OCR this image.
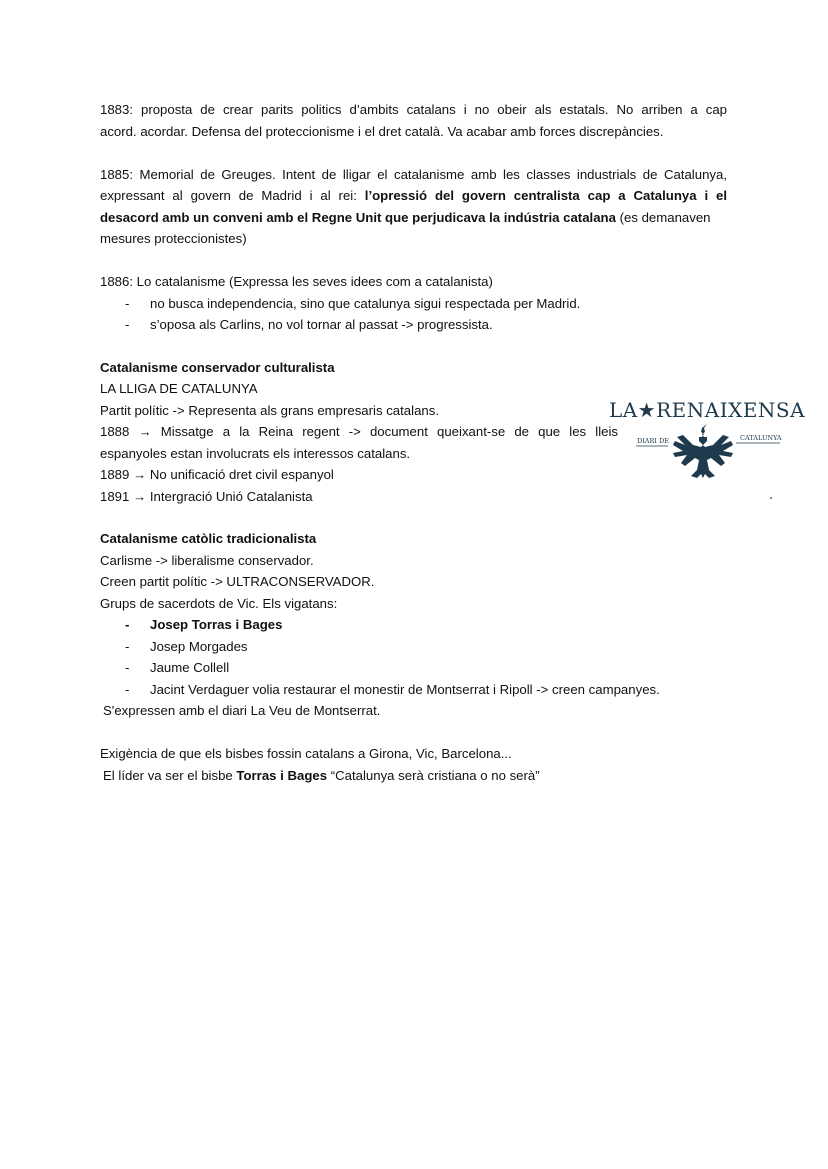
1883: proposta de crear parits politics d’ambits catalans i no obeir als estatals. No arriben a cap
acord. acordar. Defensa del proteccionisme i el dret català. Va acabar amb forces discrepàncies.
1885: Memorial de Greuges. Intent de lligar el catalanisme amb les classes industrials de Catalunya,
expressant al govern de Madrid i al rei: l’opressió del govern centralista cap a Catalunya i el
desacord amb un conveni amb el Regne Unit que perjudicava la indústria catalana (es demanaven
mesures proteccionistes)
1886: Lo catalanisme (Expressa les seves idees com a catalanista)
- no busca independencia, sino que catalunya sigui respectada per Madrid.
- s’oposa als Carlins, no vol tornar al passat -> progressista.
Catalanisme conservador culturalista
LA LLIGA DE CATALUNYA
Partit polític -> Representa als grans empresaris catalans.
1888 → Missatge a la Reina regent -> document queixant-se de que les lleis
espanyoles estan involucrats els interessos catalans.
1889 → No unificació dret civil espanyol
1891 → Intergració Unió Catalanista
LA★RENAIXENSA
DIARI DE	CATALUNYA
Catalanisme catòlic tradicionalista
Carlisme -> liberalisme conservador.
Creen partit polític -> ULTRACONSERVADOR.
Grups de sacerdots de Vic. Els vigatans:
- Josep Torras i Bages
- Josep Morgades
- Jaume Collell
- Jacint Verdaguer volia restaurar el monestir de Montserrat i Ripoll -> creen campanyes.
S'expressen amb el diari La Veu de Montserrat.
Exigència de que els bisbes fossin catalans a Girona, Vic, Barcelona...
El líder va ser el bisbe Torras i Bages “Catalunya serà cristiana o no serà”
